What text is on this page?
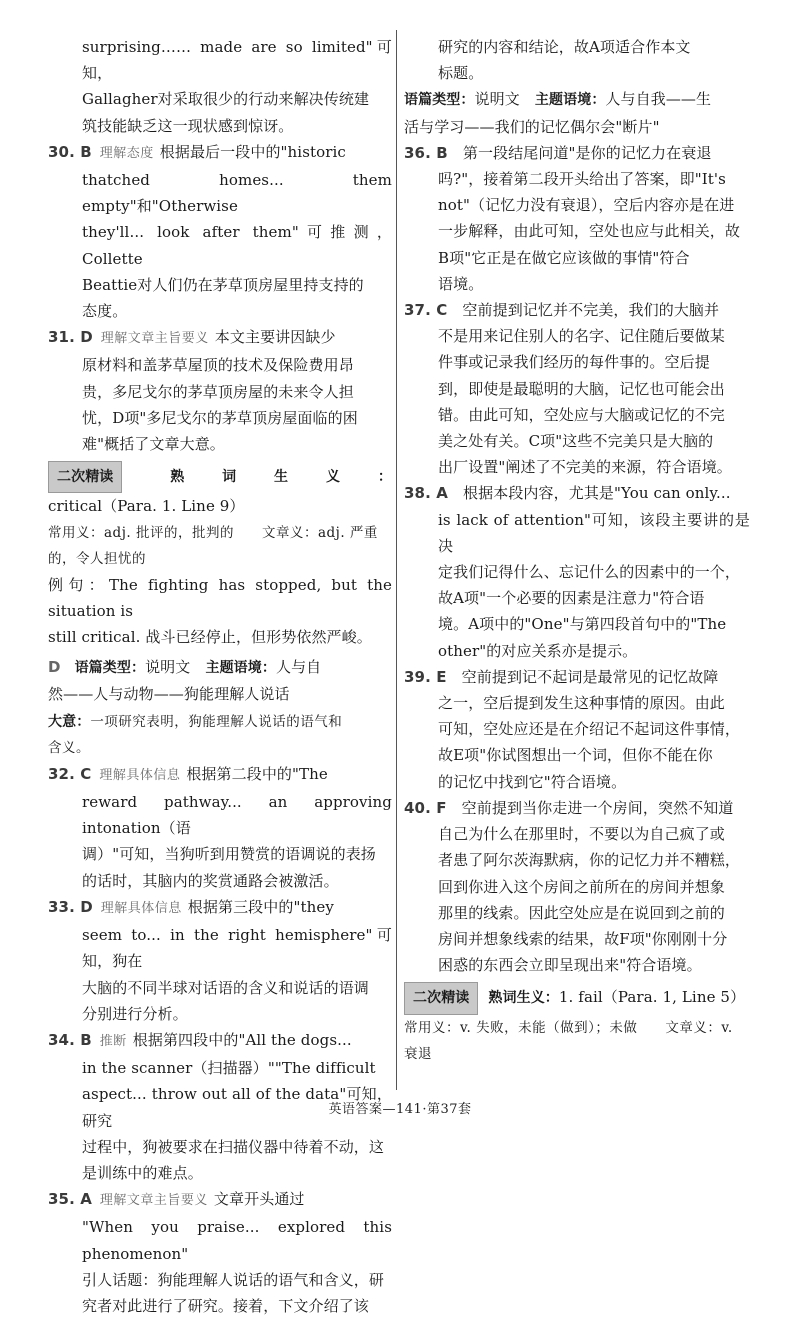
surprising…… made are so limited"可知，

Gallagher对采取很少的行动来解决传统建

筑技能缺乏这一现状感到惊讶。

30. B 理解态度 根据最后一段中的"historic

thatched homes... them empty"和"Otherwise

they'll... look after them"可推测，Collette

Beattie对人们仍在茅草顶房屋里持支持的

态度。

31. D 理解文章主旨要义 本文主要讲因缺少

原材料和盖茅草屋顶的技术及保险费用昂

贵，多尼戈尔的茅草顶房屋的未来令人担

忧，D项"多尼戈尔的茅草顶房屋面临的困

难"概括了文章大意。

二次精读 熟词生义：critical（Para. 1. Line 9）

常用义：adj. 批评的，批判的　　文章义：adj. 严重

的，令人担忧的

例句：The fighting has stopped, but the situation is

still critical. 战斗已经停止，但形势依然严峻。

D 语篇类型：说明文　 主题语境：人与自

然——人与动物——狗能理解人说话

大意：一项研究表明，狗能理解人说话的语气和

含义。

32. C 理解具体信息 根据第二段中的"The

reward pathway... an approving intonation（语

调）"可知，当狗听到用赞赏的语调说的表扬

的话时，其脑内的奖赏通路会被激活。

33. D 理解具体信息 根据第三段中的"they

seem to... in the right hemisphere"可知，狗在

大脑的不同半球对话语的含义和说话的语调

分别进行分析。

34. B 推断 根据第四段中的"All the dogs...

in the scanner（扫描器）""The difficult

aspect... throw out all of the data"可知，研究

过程中，狗被要求在扫描仪器中待着不动，这

是训练中的难点。

35. A 理解文章主旨要义 文章开头通过

"When you praise... explored this phenomenon"

引人话题：狗能理解人说话的语气和含义，研

究者对此进行了研究。接着，下文介绍了该

研究的内容和结论，故A项适合作本文

标题。

语篇类型：说明文　 主题语境：人与自我——生

活与学习——我们的记忆偶尔会"断片"

36. B　 第一段结尾问道"是你的记忆力在衰退

吗?"，接着第二段开头给出了答案，即"It's

not"（记忆力没有衰退），空后内容亦是在进

一步解释，由此可知，空处也应与此相关，故

B项"它正是在做它应该做的事情"符合

语境。

37. C　 空前提到记忆并不完美，我们的大脑并

不是用来记住别人的名字、记住随后要做某

件事或记录我们经历的每件事的。空后提

到，即使是最聪明的大脑，记忆也可能会出

错。由此可知，空处应与大脑或记忆的不完

美之处有关。C项"这些不完美只是大脑的

出厂设置"阐述了不完美的来源，符合语境。

38. A　 根据本段内容，尤其是"You can only...

is lack of attention"可知，该段主要讲的是决

定我们记得什么、忘记什么的因素中的一个，

故A项"一个必要的因素是注意力"符合语

境。A项中的"One"与第四段首句中的"The

other"的对应关系亦是提示。

39. E　 空前提到记不起词是最常见的记忆故障

之一，空后提到发生这种事情的原因。由此

可知，空处应还是在介绍记不起词这件事情，

故E项"你试图想出一个词，但你不能在你

的记忆中找到它"符合语境。

40. F　 空前提到当你走进一个房间，突然不知道

自己为什么在那里时，不要以为自己疯了或

者患了阿尔茨海默病，你的记忆力并不糟糕，

回到你进入这个房间之前所在的房间并想象

那里的线索。因此空处应是在说回到之前的

房间并想象线索的结果，故F项"你刚刚十分

困惑的东西会立即呈现出来"符合语境。

二次精读 熟词生义：1. fail（Para. 1, Line 5）

常用义：v. 失败，未能（做到）；未做　　文章义：v.

衰退

英语答案—141·第37套
